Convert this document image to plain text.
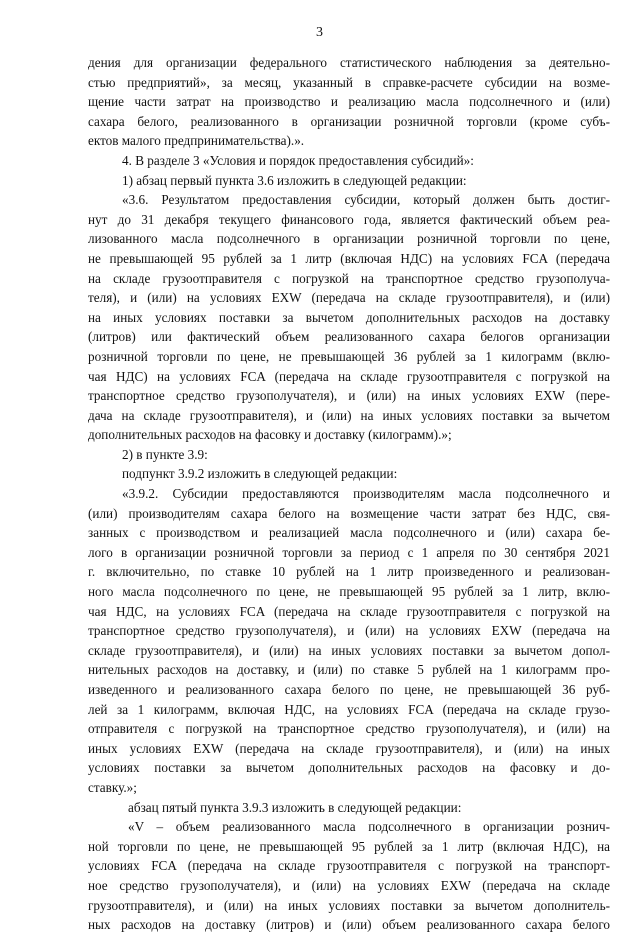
3
дения для организации федерального статистического наблюдения за деятельно-
стью предприятий», за месяц, указанный в справке-расчете субсидии на возме-
щение части затрат на производство и реализацию масла подсолнечного и (или)
сахара белого, реализованного в организации розничной торговли (кроме субъ-
ектов малого предпринимательства).».
4. В разделе 3 «Условия и порядок предоставления субсидий»:
1) абзац первый пункта 3.6 изложить в следующей редакции:
«3.6. Результатом предоставления субсидии, который должен быть достиг-
нут до 31 декабря текущего финансового года, является фактический объем реа-
лизованного масла подсолнечного в организации розничной торговли по цене,
не превышающей 95 рублей за 1 литр (включая НДС) на условиях FCA (передача
на складе грузоотправителя с погрузкой на транспортное средство грузополуча-
теля), и (или) на условиях EXW (передача на складе грузоотправителя), и (или)
на иных условиях поставки за вычетом дополнительных расходов на доставку
(литров) или фактический объем реализованного сахара белогов организации
розничной торговли по цене, не превышающей 36 рублей за 1 килограмм (вклю-
чая НДС) на условиях FCA (передача на складе грузоотправителя с погрузкой на
транспортное средство грузополучателя), и (или) на иных условиях EXW (пере-
дача на складе грузоотправителя), и (или) на иных условиях поставки за вычетом
дополнительных расходов на фасовку и доставку (килограмм).»;
2) в пункте 3.9:
подпункт 3.9.2 изложить в следующей редакции:
«3.9.2. Субсидии предоставляются производителям масла подсолнечного и
(или) производителям сахара белого на возмещение части затрат без НДС, свя-
занных с производством и реализацией масла подсолнечного и (или) сахара бе-
лого в организации розничной торговли за период с 1 апреля по 30 сентября 2021
г. включительно, по ставке 10 рублей на 1 литр произведенного и реализован-
ного масла подсолнечного по цене, не превышающей 95 рублей за 1 литр, вклю-
чая НДС, на условиях FCA (передача на складе грузоотправителя с погрузкой на
транспортное средство грузополучателя), и (или) на условиях EXW (передача на
складе грузоотправителя), и (или) на иных условиях поставки за вычетом допол-
нительных расходов на доставку, и (или) по ставке 5 рублей на 1 килограмм про-
изведенного и реализованного сахара белого по цене, не превышающей 36 руб-
лей за 1 килограмм, включая НДС, на условиях FCA (передача на складе грузо-
отправителя с погрузкой на транспортное средство грузополучателя), и (или) на
иных условиях EXW (передача на складе грузоотправителя), и (или) на иных
условиях поставки за вычетом дополнительных расходов на фасовку и до-
ставку.»;
абзац пятый пункта 3.9.3 изложить в следующей редакции:
«V – объем реализованного масла подсолнечного в организации рознич-
ной торговли по цене, не превышающей 95 рублей за 1 литр (включая НДС), на
условиях FCA (передача на складе грузоотправителя с погрузкой на транспорт-
ное средство грузополучателя), и (или) на условиях EXW (передача на складе
грузоотправителя), и (или) на иных условиях поставки за вычетом дополнитель-
ных расходов на доставку (литров) и (или) объем реализованного сахара белого
